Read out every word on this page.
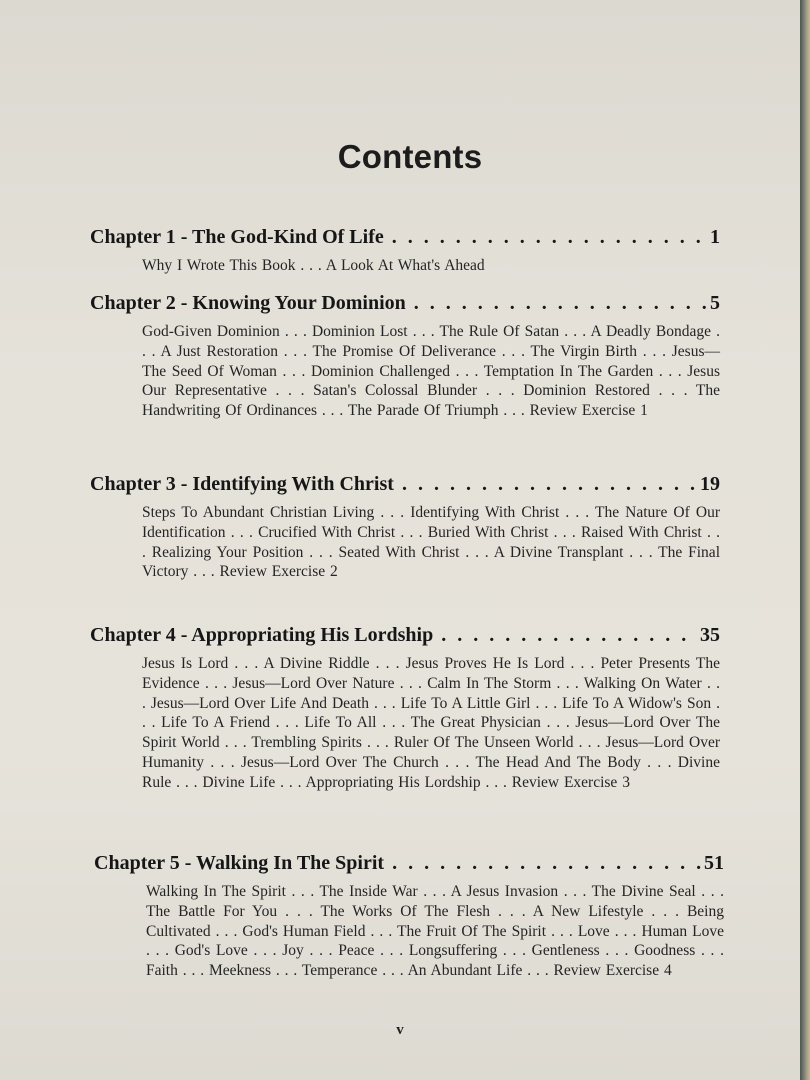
Contents
Chapter 1 - The God-Kind Of Life . . .	1
Why I Wrote This Book . . . A Look At What's Ahead
Chapter 2 - Knowing Your Dominion . . .	5
God-Given Dominion . . . Dominion Lost . . . The Rule Of Satan . . . A Deadly Bondage . . . A Just Restoration . . . The Promise Of Deliverance . . . The Virgin Birth . . . Jesus—The Seed Of Woman . . . Dominion Challenged . . . Temptation In The Garden . . . Jesus Our Representative . . . Satan's Colossal Blunder . . . Dominion Restored . . . The Handwriting Of Ordinances . . . The Parade Of Triumph . . . Review Exercise 1
Chapter 3 - Identifying With Christ . . .	19
Steps To Abundant Christian Living . . . Identifying With Christ . . . The Nature Of Our Identification . . . Crucified With Christ . . . Buried With Christ . . . Raised With Christ . . . Realizing Your Position . . . Seated With Christ . . . A Divine Transplant . . . The Final Victory . . . Review Exercise 2
Chapter 4 - Appropriating His Lordship . . .	35
Jesus Is Lord . . . A Divine Riddle . . . Jesus Proves He Is Lord . . . Peter Presents The Evidence . . . Jesus—Lord Over Nature . . . Calm In The Storm . . . Walking On Water . . . Jesus—Lord Over Life And Death . . . Life To A Little Girl . . . Life To A Widow's Son . . . Life To A Friend . . . Life To All . . . The Great Physician . . . Jesus—Lord Over The Spirit World . . . Trembling Spirits . . . Ruler Of The Unseen World . . . Jesus—Lord Over Humanity . . . Jesus—Lord Over The Church . . . The Head And The Body . . . Divine Rule . . . Divine Life . . . Appropriating His Lordship . . . Review Exercise 3
Chapter 5 - Walking In The Spirit . . .	51
Walking In The Spirit . . . The Inside War . . . A Jesus Invasion . . . The Divine Seal . . . The Battle For You . . . The Works Of The Flesh . . . A New Lifestyle . . . Being Cultivated . . . God's Human Field . . . The Fruit Of The Spirit . . . Love . . . Human Love . . . God's Love . . . Joy . . . Peace . . . Longsuffering . . . Gentleness . . . Goodness . . . Faith . . . Meekness . . . Temperance . . . An Abundant Life . . . Review Exercise 4
v
